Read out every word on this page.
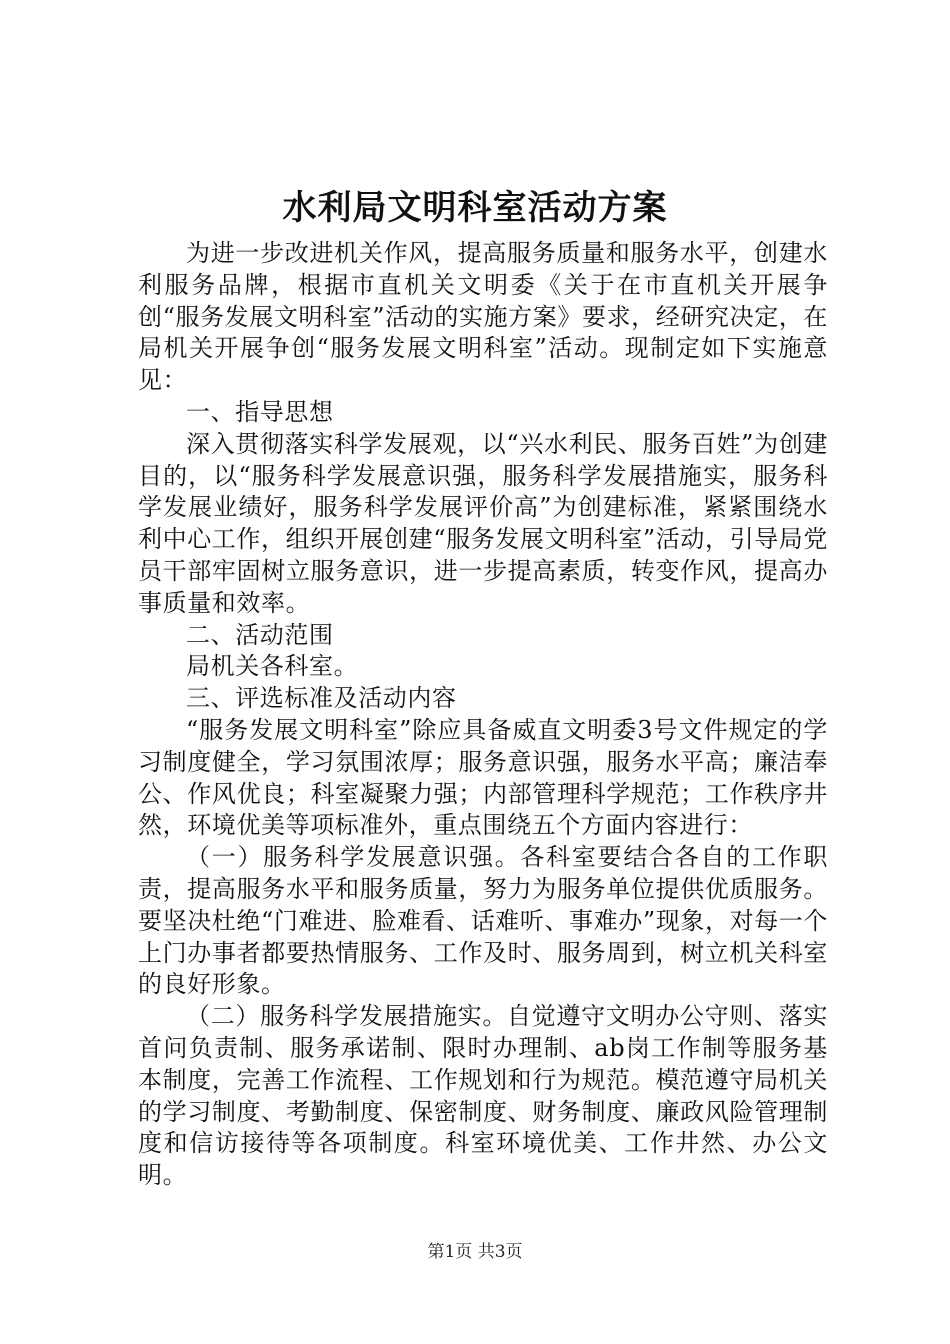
水利局文明科室活动方案

为进一步改进机关作风，提高服务质量和服务水平，创建水利服务品牌，根据市直机关文明委《关于在市直机关开展争创“服务发展文明科室”活动的实施方案》要求，经研究决定，在局机关开展争创“服务发展文明科室”活动。现制定如下实施意见：

一、指导思想

深入贯彻落实科学发展观，以“兴水利民、服务百姓”为创建目的，以“服务科学发展意识强，服务科学发展措施实，服务科学发展业绩好，服务科学发展评价高”为创建标准，紧紧围绕水利中心工作，组织开展创建“服务发展文明科室”活动，引导局党员干部牢固树立服务意识，进一步提高素质，转变作风，提高办事质量和效率。

二、活动范围

局机关各科室。

三、评选标准及活动内容

“服务发展文明科室”除应具备威直文明委3号文件规定的学习制度健全，学习氛围浓厚；服务意识强，服务水平高；廉洁奉公、作风优良；科室凝聚力强；内部管理科学规范；工作秩序井然，环境优美等项标准外，重点围绕五个方面内容进行：

（一）服务科学发展意识强。各科室要结合各自的工作职责，提高服务水平和服务质量，努力为服务单位提供优质服务。要坚决杜绝“门难进、脸难看、话难听、事难办”现象，对每一个上门办事者都要热情服务、工作及时、服务周到，树立机关科室的良好形象。

（二）服务科学发展措施实。自觉遵守文明办公守则、落实首问负责制、服务承诺制、限时办理制、ab岗工作制等服务基本制度，完善工作流程、工作规划和行为规范。模范遵守局机关的学习制度、考勤制度、保密制度、财务制度、廉政风险管理制度和信访接待等各项制度。科室环境优美、工作井然、办公文明。

第1页 共3页
